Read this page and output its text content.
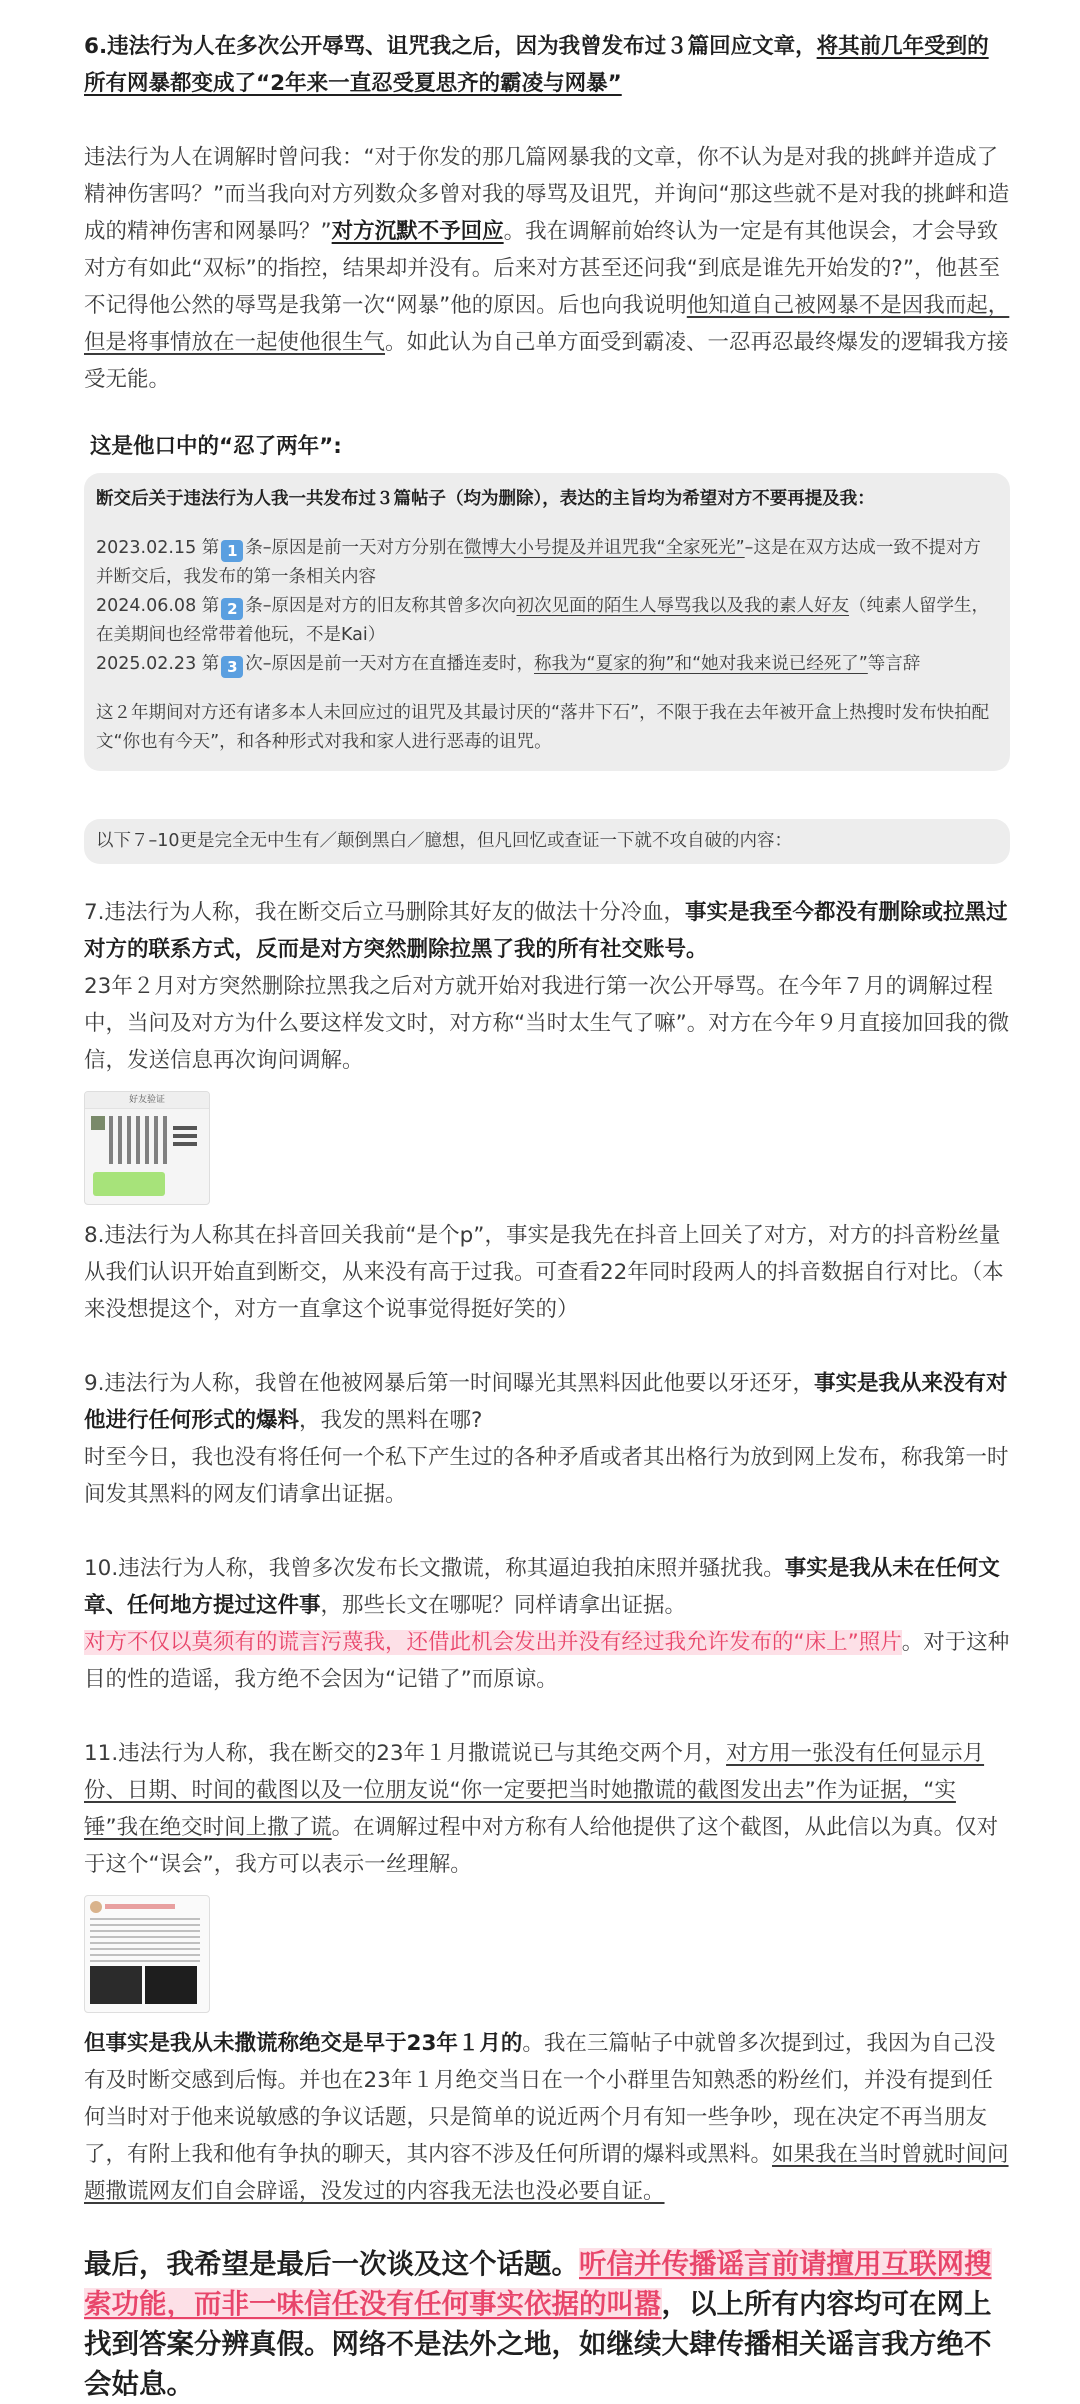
6.违法行为人在多次公开辱骂、诅咒我之后，因为我曾发布过３篇回应文章，将其前几年受到的所有网暴都变成了“2年来一直忍受夏思齐的霸凌与网暴”

违法行为人在调解时曾问我：“对于你发的那几篇网暴我的文章，你不认为是对我的挑衅并造成了精神伤害吗？”而当我向对方列数众多曾对我的辱骂及诅咒，并询问“那这些就不是对我的挑衅和造成的精神伤害和网暴吗？”对方沉默不予回应。我在调解前始终认为一定是有其他误会，才会导致对方有如此“双标”的指控，结果却并没有。后来对方甚至还问我“到底是谁先开始发的?”，他甚至不记得他公然的辱骂是我第一次“网暴”他的原因。后也向我说明他知道自己被网暴不是因我而起，但是将事情放在一起使他很生气。如此认为自己单方面受到霸凌、一忍再忍最终爆发的逻辑我方接受无能。

这是他口中的“忍了两年”:

断交后关于违法行为人我一共发布过３篇帖子（均为删除），表达的主旨均为希望对方不要再提及我：
2023.02.15 第 1 条–原因是前一天对方分别在微博大小号提及并诅咒我“全家死光”–这是在双方达成一致不提对方并断交后，我发布的第一条相关内容
2024.06.08 第 2 条–原因是对方的旧友称其曾多次向初次见面的陌生人辱骂我以及我的素人好友（纯素人留学生，在美期间也经常带着他玩，不是Kai）
2025.02.23 第 3 次–原因是前一天对方在直播连麦时，称我为“夏家的狗”和“她对我来说已经死了”等言辞
这２年期间对方还有诸多本人未回应过的诅咒及其最讨厌的“落井下石”，不限于我在去年被开盒上热搜时发布快拍配文“你也有今天”，和各种形式对我和家人进行恶毒的诅咒。
以下７–10更是完全无中生有／颠倒黑白／臆想，但凡回忆或查证一下就不攻自破的内容：

7.违法行为人称，我在断交后立马删除其好友的做法十分冷血，事实是我至今都没有删除或拉黑过对方的联系方式，反而是对方突然删除拉黑了我的所有社交账号。
23年２月对方突然删除拉黑我之后对方就开始对我进行第一次公开辱骂。在今年７月的调解过程中，当问及对方为什么要这样发文时，对方称“当时太生气了嘛”。对方在今年９月直接加回我的微信，发送信息再次询问调解。

好友验证

8.违法行为人称其在抖音回关我前“是个p”，事实是我先在抖音上回关了对方，对方的抖音粉丝量从我们认识开始直到断交，从来没有高于过我。可查看22年同时段两人的抖音数据自行对比。（本来没想提这个，对方一直拿这个说事觉得挺好笑的）

9.违法行为人称，我曾在他被网暴后第一时间曝光其黑料因此他要以牙还牙，事实是我从来没有对他进行任何形式的爆料，我发的黑料在哪?
时至今日，我也没有将任何一个私下产生过的各种矛盾或者其出格行为放到网上发布，称我第一时间发其黑料的网友们请拿出证据。

10.违法行为人称，我曾多次发布长文撒谎，称其逼迫我拍床照并骚扰我。事实是我从未在任何文章、任何地方提过这件事，那些长文在哪呢？同样请拿出证据。
对方不仅以莫须有的谎言污蔑我，还借此机会发出并没有经过我允许发布的“床上”照片。对于这种目的性的造谣，我方绝不会因为“记错了”而原谅。

11.违法行为人称，我在断交的23年１月撒谎说已与其绝交两个月，对方用一张没有任何显示月份、日期、时间的截图以及一位朋友说“你一定要把当时她撒谎的截图发出去”作为证据，“实锤”我在绝交时间上撒了谎。在调解过程中对方称有人给他提供了这个截图，从此信以为真。仅对于这个“误会”，我方可以表示一丝理解。

但事实是我从未撒谎称绝交是早于23年１月的。我在三篇帖子中就曾多次提到过，我因为自己没有及时断交感到后悔。并也在23年１月绝交当日在一个小群里告知熟悉的粉丝们，并没有提到任何当时对于他来说敏感的争议话题，只是简单的说近两个月有知一些争吵，现在决定不再当朋友了，有附上我和他有争执的聊天，其内容不涉及任何所谓的爆料或黑料。如果我在当时曾就时间问题撒谎网友们自会辟谣，没发过的内容我无法也没必要自证。

最后，我希望是最后一次谈及这个话题。听信并传播谣言前请擅用互联网搜索功能，而非一味信任没有任何事实依据的叫嚣，以上所有内容均可在网上找到答案分辨真假。网络不是法外之地，如继续大肆传播相关谣言我方绝不会姑息。
